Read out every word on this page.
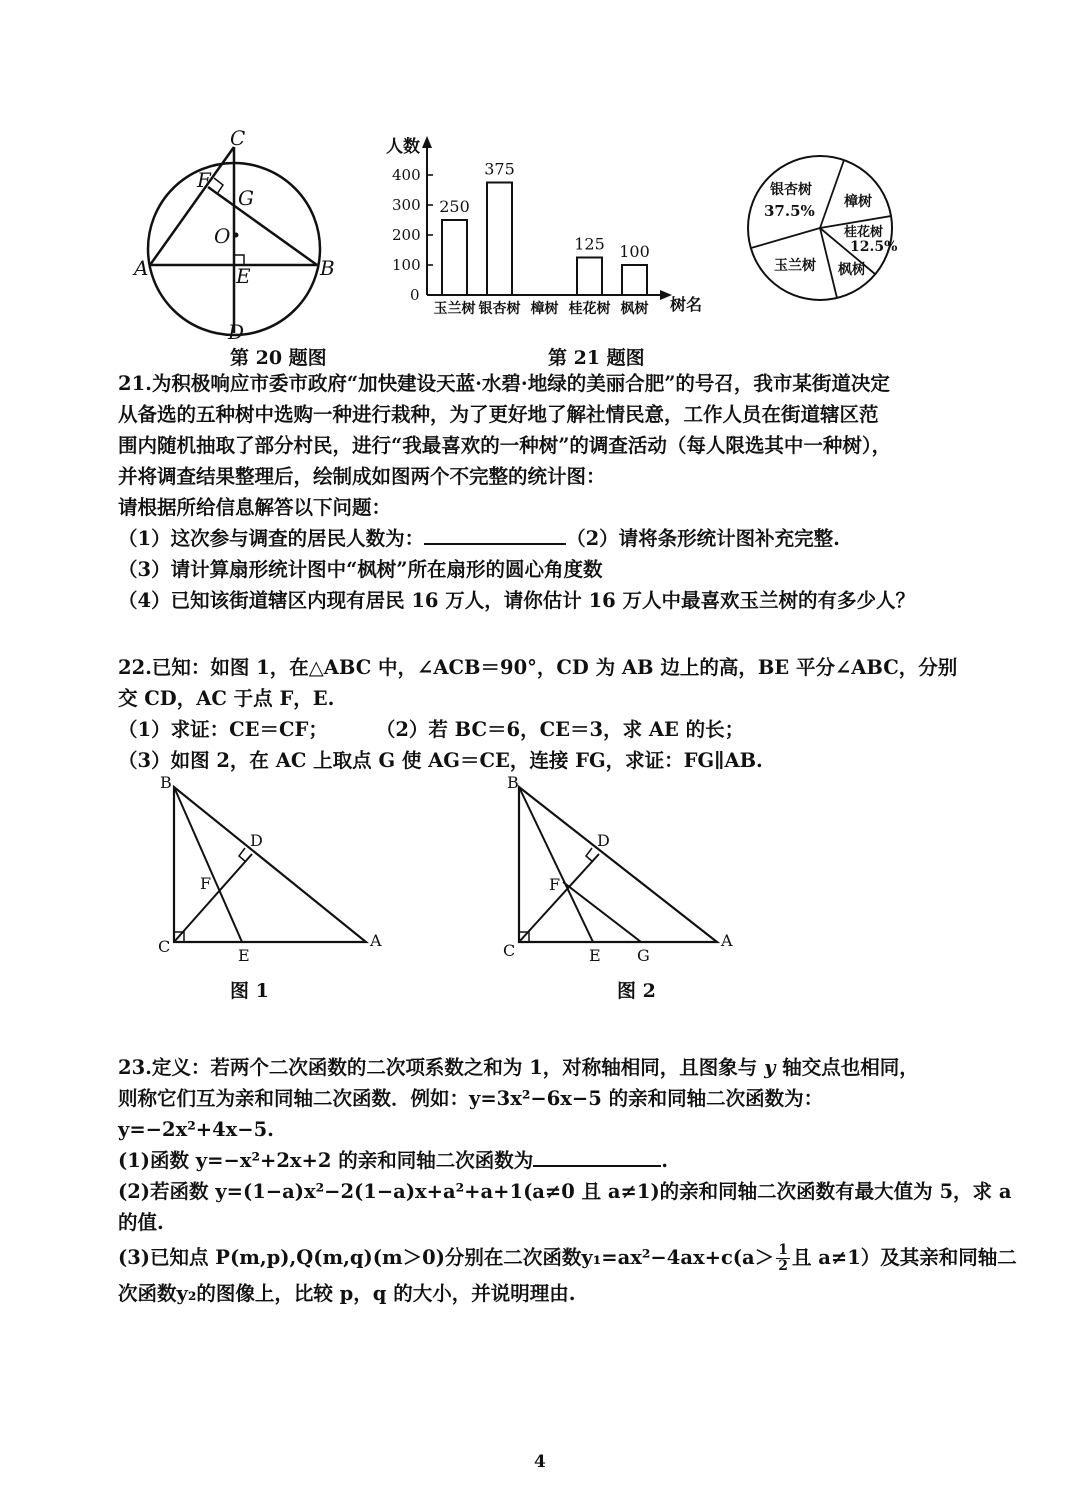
C
F
G
O
A	E	B
D
第 20 题图
人数
树名
0
100
200
300
400
250
玉兰树
375
银杏树 樟树
125
桂花树
100
枫树
第 21 题图
银杏树
37.5% 樟树
桂花树
12.5%
枫树
玉兰树

21.为积极响应市委市政府“加快建设天蓝·水碧·地绿的美丽合肥”的号召，我市某街道决定

从备选的五种树中选购一种进行栽种，为了更好地了解社情民意，工作人员在街道辖区范

围内随机抽取了部分村民，进行“我最喜欢的一种树”的调查活动（每人限选其中一种树），

并将调查结果整理后，绘制成如图两个不完整的统计图：

请根据所给信息解答以下问题：

（1）这次参与调查的居民人数为：	（2）请将条形统计图补充完整.

（3）请计算扇形统计图中“枫树”所在扇形的圆心角度数

（4）已知该街道辖区内现有居民 16 万人，请你估计 16 万人中最喜欢玉兰树的有多少人？

22.已知：如图 1，在△ABC 中，∠ACB＝90°，CD 为 AB 边上的高，BE 平分∠ABC，分别

交 CD，AC 于点 F，E.

（1）求证：CE＝CF； （2）若 BC＝6，CE＝3，求 AE 的长；

（3）如图 2，在 AC 上取点 G 使 AG＝CE，连接 FG，求证：FG∥AB.

B
D
F
C	E
A
图 1
B
D
F
C	E G
A
图 2

23.定义：若两个二次函数的二次项系数之和为 1，对称轴相同，且图象与 y 轴交点也相同，

则称它们互为亲和同轴二次函数．例如：y=3x²−6x−5 的亲和同轴二次函数为：

y=−2x²+4x−5.

(1)函数 y=−x²+2x+2 的亲和同轴二次函数为	.

(2)若函数 y=(1−a)x²−2(1−a)x+a²+a+1(a≠0 且 a≠1)的亲和同轴二次函数有最大值为 5，求 a

的值.

(3)已知点 P(m,p),Q(m,q)(m＞0)分别在二次函数$y_1=ax^2-4ax+c(a> \frac{1}{2}$ 且 a≠1）及其亲和同轴二

次函数y₂的图像上，比较 p，q 的大小，并说明理由.

4
